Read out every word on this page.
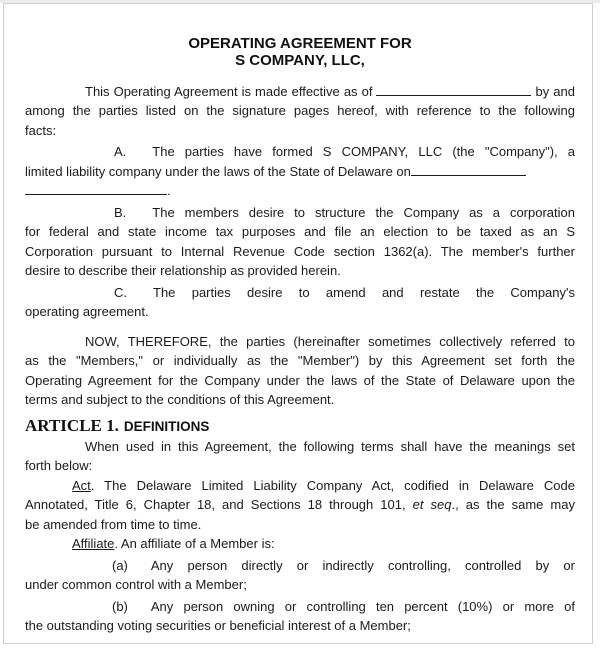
OPERATING AGREEMENT FOR
S COMPANY, LLC,
This Operating Agreement is made effective as of	by and
among the parties listed on the signature pages hereof, with reference to the following
facts:
A. The parties have formed S COMPANY, LLC (the "Company"), a
limited liability company under the laws of the State of Delaware on
.
B. The members desire to structure the Company as a corporation
for federal and state income tax purposes and file an election to be taxed as an S
Corporation pursuant to Internal Revenue Code section 1362(a). The member's further
desire to describe their relationship as provided herein.
C. The parties desire to amend and restate the Company's
operating agreement.
NOW, THEREFORE, the parties (hereinafter sometimes collectively referred to
as the "Members," or individually as the "Member") by this Agreement set forth the
Operating Agreement for the Company under the laws of the State of Delaware upon the
terms and subject to the conditions of this Agreement.
ARTICLE 1. DEFINITIONS
When used in this Agreement, the following terms shall have the meanings set
forth below:
Act. The Delaware Limited Liability Company Act, codified in Delaware Code
Annotated, Title 6, Chapter 18, and Sections 18 through 101, et seq., as the same may
be amended from time to time.
Affiliate. An affiliate of a Member is:
(a) Any person directly or indirectly controlling, controlled by or
under common control with a Member;
(b) Any person owning or controlling ten percent (10%) or more of
the outstanding voting securities or beneficial interest of a Member;
